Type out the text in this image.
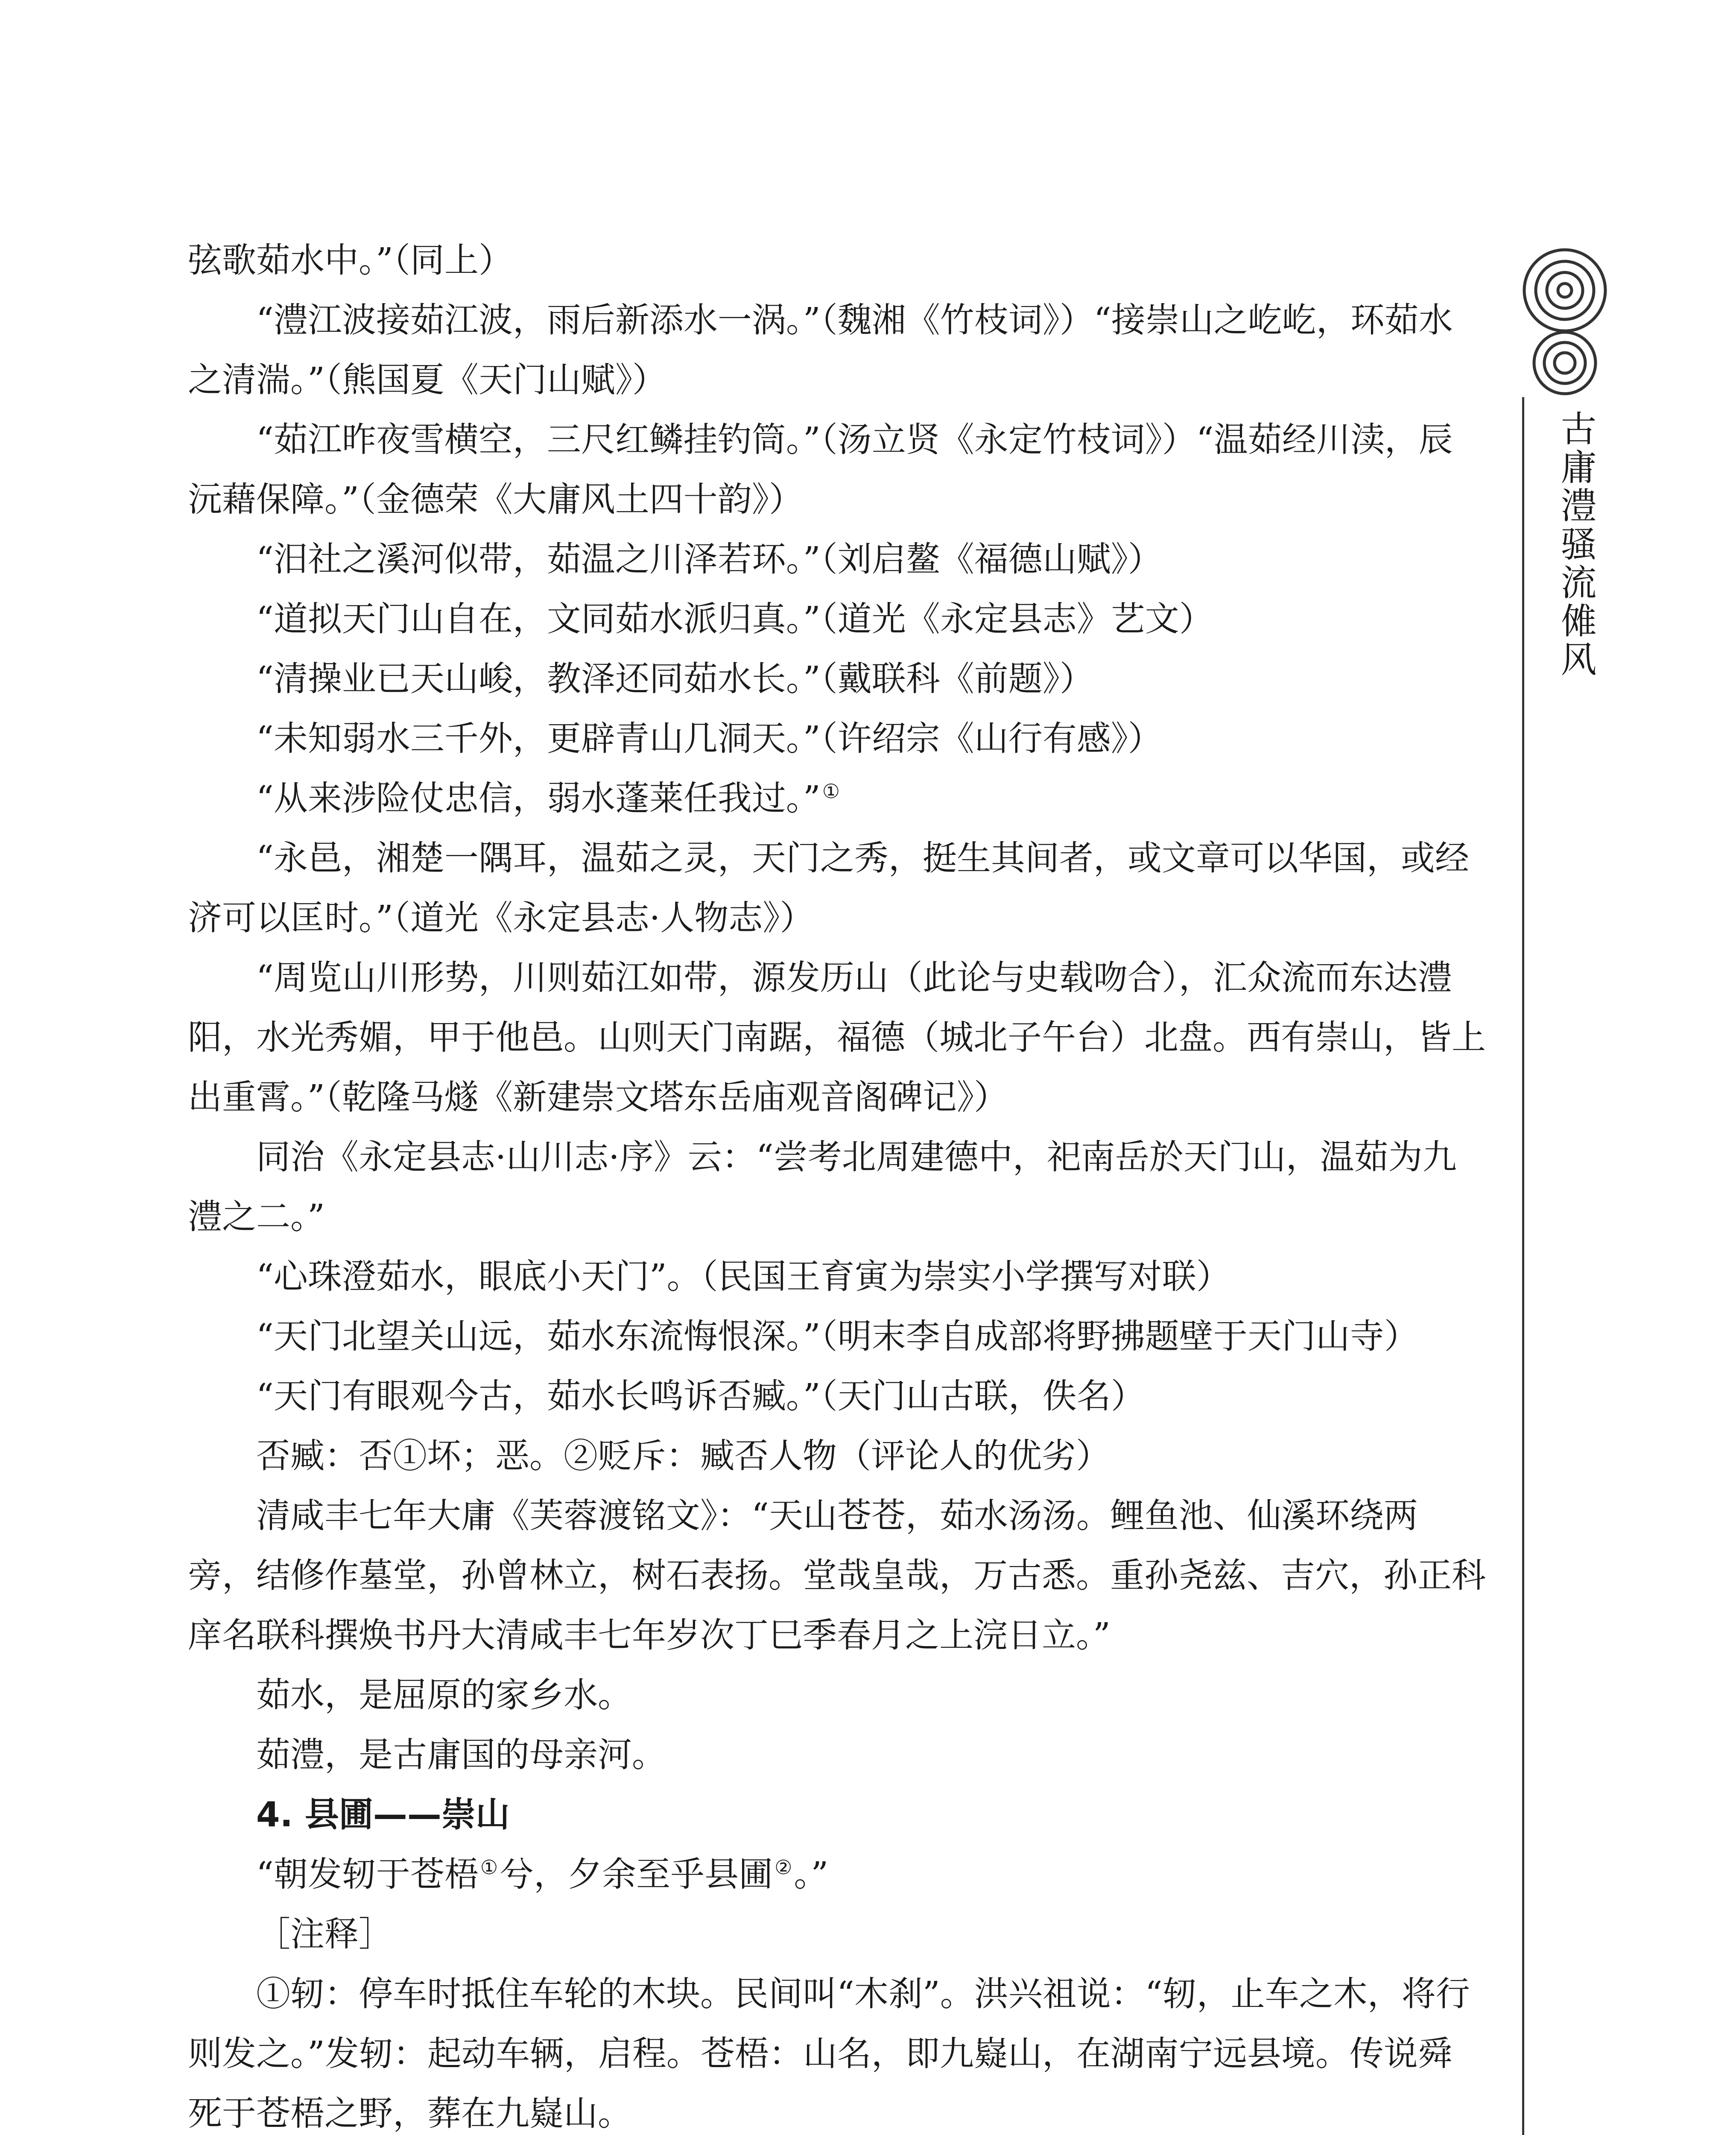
弦歌茹水中。”（同上）

“澧江波接茹江波，雨后新添水一涡。”（魏湘《竹枝词》）“接崇山之屹屹，环茹水之清湍。”（熊国夏《天门山赋》）

“茹江昨夜雪横空，三尺红鳞挂钓筒。”（汤立贤《永定竹枝词》）“温茹经川渎，辰沅藉保障。”（金德荣《大庸风土四十韵》）

“汨社之溪河似带，茹温之川泽若环。”（刘启鳌《福德山赋》）

“道拟天门山自在，文同茹水派归真。”（道光《永定县志》艺文）

“清操业已天山峻，教泽还同茹水长。”（戴联科《前题》）

“未知弱水三千外，更辟青山几洞天。”（许绍宗《山行有感》）

“从来涉险仗忠信，弱水蓬莱任我过。”①

“永邑，湘楚一隅耳，温茹之灵，天门之秀，挺生其间者，或文章可以华国，或经济可以匡时。”（道光《永定县志·人物志》）

“周览山川形势，川则茹江如带，源发历山（此论与史载吻合），汇众流而东达澧阳，水光秀媚，甲于他邑。山则天门南踞，福德（城北子午台）北盘。西有崇山，皆上出重霄。”（乾隆马燧《新建崇文塔东岳庙观音阁碑记》）

同治《永定县志·山川志·序》云：“尝考北周建德中，祀南岳於天门山，温茹为九澧之二。”

“心珠澄茹水，眼底小天门”。（民国王育寅为崇实小学撰写对联）

“天门北望关山远，茹水东流悔恨深。”（明末李自成部将野拂题壁于天门山寺）

“天门有眼观今古，茹水长鸣诉否臧。”（天门山古联，佚名）

否臧：否①坏；恶。②贬斥：臧否人物（评论人的优劣）

清咸丰七年大庸《芙蓉渡铭文》：“天山苍苍，茹水汤汤。鲤鱼池、仙溪环绕两旁，结修作墓堂，孙曾林立，树石表扬。堂哉皇哉，万古悉。重孙尧兹、吉穴，孙正科庠名联科撰焕书丹大清咸丰七年岁次丁巳季春月之上浣日立。”

茹水，是屈原的家乡水。

茹澧，是古庸国的母亲河。

4. 县圃——崇山

“朝发轫于苍梧①兮，夕余至乎县圃②。”

［注释］

①轫：停车时抵住车轮的木块。民间叫“木刹”。洪兴祖说：“轫，止车之木，将行则发之。”发轫：起动车辆，启程。苍梧：山名，即九嶷山，在湖南宁远县境。传说舜死于苍梧之野，葬在九嶷山。

古庸澧骚流傩风
